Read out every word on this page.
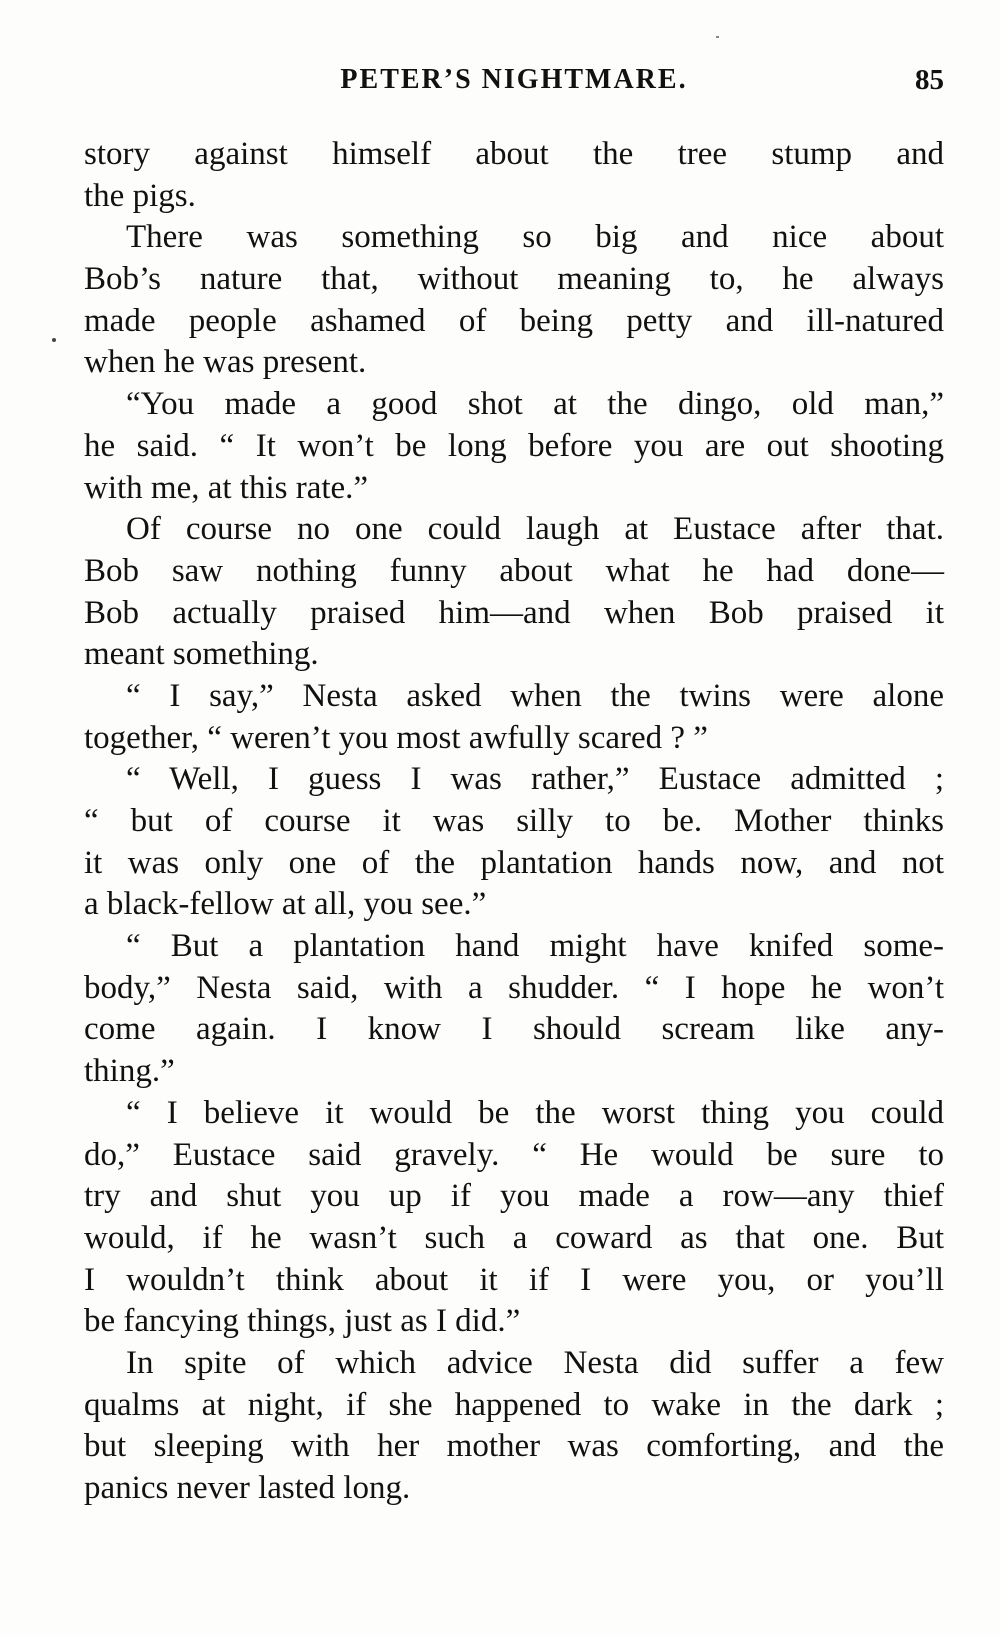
PETER’S NIGHTMARE.	85
story against himself about the tree stump and
the pigs.
There was something so big and nice about
Bob’s nature that, without meaning to, he always
made people ashamed of being petty and ill-natured
when he was present.
“You made a good shot at the dingo, old man,”
he said. “ It won’t be long before you are out shooting
with me, at this rate.”
Of course no one could laugh at Eustace after that.
Bob saw nothing funny about what he had done—
Bob actually praised him—and when Bob praised it
meant something.
“ I say,” Nesta asked when the twins were alone
together, “ weren’t you most awfully scared ? ”
“ Well, I guess I was rather,” Eustace admitted ;
“ but of course it was silly to be. Mother thinks
it was only one of the plantation hands now, and not
a black-fellow at all, you see.”
“ But a plantation hand might have knifed some-
body,” Nesta said, with a shudder. “ I hope he won’t
come again. I know I should scream like any-
thing.”
“ I believe it would be the worst thing you could
do,” Eustace said gravely. “ He would be sure to
try and shut you up if you made a row—any thief
would, if he wasn’t such a coward as that one. But
I wouldn’t think about it if I were you, or you’ll
be fancying things, just as I did.”
In spite of which advice Nesta did suffer a few
qualms at night, if she happened to wake in the dark ;
but sleeping with her mother was comforting, and the
panics never lasted long.
